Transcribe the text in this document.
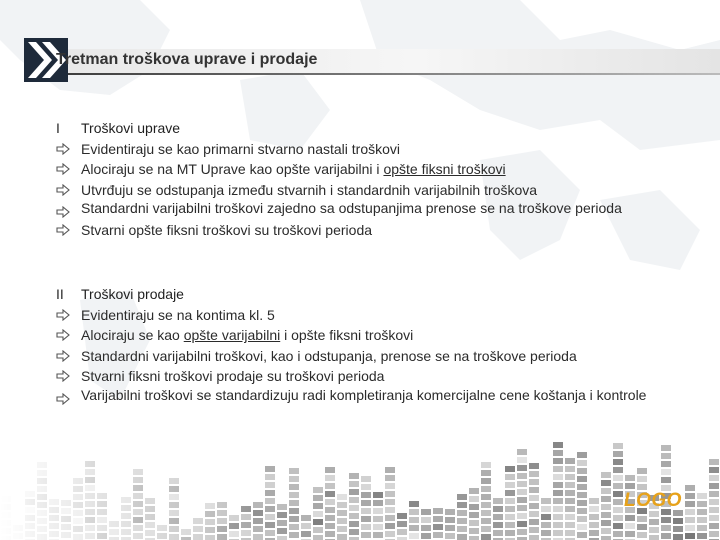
Tretman troškova uprave i prodaje
I	Troškovi uprave
Evidentiraju se kao primarni stvarno nastali troškovi
Alociraju se na MT Uprave kao opšte varijabilni i opšte fiksni troškovi
Utvrđuju se odstupanja između stvarnih i standardnih varijabilnih troškova
Standardni varijabilni troškovi zajedno sa odstupanjima prenose se na troškove perioda
Stvarni opšte fiksni troškovi su troškovi perioda
II	Troškovi prodaje
Evidentiraju se na kontima kl. 5
Alociraju se kao opšte varijabilni i opšte fiksni troškovi
Standardni varijabilni troškovi, kao i odstupanja, prenose se na troškove perioda
Stvarni fiksni troškovi prodaje su troškovi perioda
Varijabilni troškovi se standardizuju radi kompletiranja komercijalne cene koštanja i kontrole
LOGO
